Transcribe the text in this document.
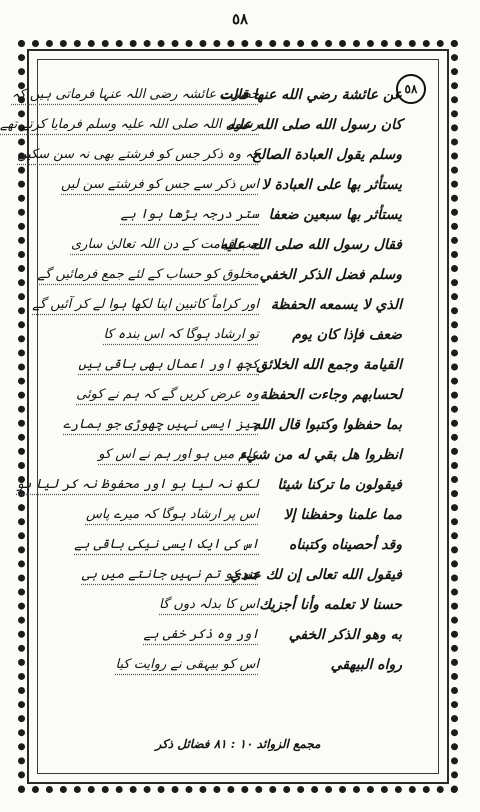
٥٨
٥٨
عن عائشة رضي الله عنها قالت
كان رسول الله صلى الله عليه
وسلم يقول العبادة الصالح
يستأثر بها على العبادة لا
يستأثر بها سبعين ضعفا
فقال رسول الله صلى الله عليه
وسلم فضل الذكر الخفي
الذي لا يسمعه الحفظة
ضعف فإذا كان يوم
القيامة وجمع الله الخلائق
لحسابهم وجاءت الحفظة
بما حفظوا وكتبوا قال الله
انظروا هل بقي له من شيء
فيقولون ما تركنا شيئا
مما علمنا وحفظنا إلا
وقد أحصيناه وكتبناه
فيقول الله تعالى إن لك عندي
حسنا لا تعلمه وأنا أجزيك
به وهو الذكر الخفي
رواه البيهقي
حضرت عائشہ رضی اللہ عنہا فرماتی ہیں کہ
رسول اللہ صلی اللہ علیہ وسلم فرمایا کرتے تھے
کہ وہ ذکر جس کو فرشتے بھی نہ سن سکیں
اس ذکر سے جس کو فرشتے سن لیں
ستر درجہ بڑھا ہوا ہے
جب قیامت کے دن اللہ تعالیٰ ساری
مخلوق کو حساب کے لئے جمع فرمائیں گے
اور کراماً کاتبین اپنا لکھا ہوا لے کر آئیں گے
تو ارشاد ہوگا کہ اس بندہ کا
کچھ اور اعمال بھی باقی ہیں
وہ عرض کریں گے کہ ہم نے کوئی
چیز ایسی نہیں چھوڑی جو ہمارے
علم میں ہو اور ہم نے اس کو
لکھ نہ لیا ہو اور محفوظ نہ کر لیا ہو
اس پر ارشاد ہوگا کہ میرے پاس
اس کی ایک ایسی نیکی باقی ہے
جس کو تم نہیں جانتے میں ہی
اس کا بدلہ دوں گا
اور وہ ذکر خفی ہے
اس کو بیہقی نے روایت کیا
مجمع الزوائد ١٠ : ٨١ فضائل ذکر
